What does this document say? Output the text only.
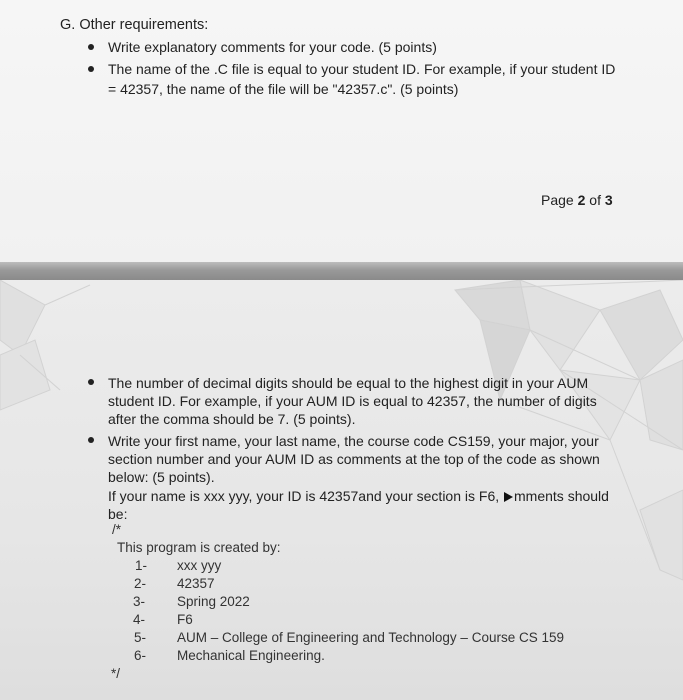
G. Other requirements:
Write explanatory comments for your code. (5 points)
The name of the .C file is equal to your student ID. For example, if your student ID
= 42357, the name of the file will be "42357.c". (5 points)
Page 2 of 3
The number of decimal digits should be equal to the highest digit in your AUM
student ID. For example, if your AUM ID is equal to 42357, the number of digits
after the comma should be 7. (5 points).
Write your first name, your last name, the course code CS159, your major, your
section number and your AUM ID as comments at the top of the code as shown
below: (5 points).
If your name is xxx yyy, your ID is 42357and your section is F6, mments should
be:
/*
This program is created by:
1- xxx yyy
2- 42357
3- Spring 2022
4- F6
5- AUM – College of Engineering and Technology – Course CS 159
6- Mechanical Engineering.
*/
